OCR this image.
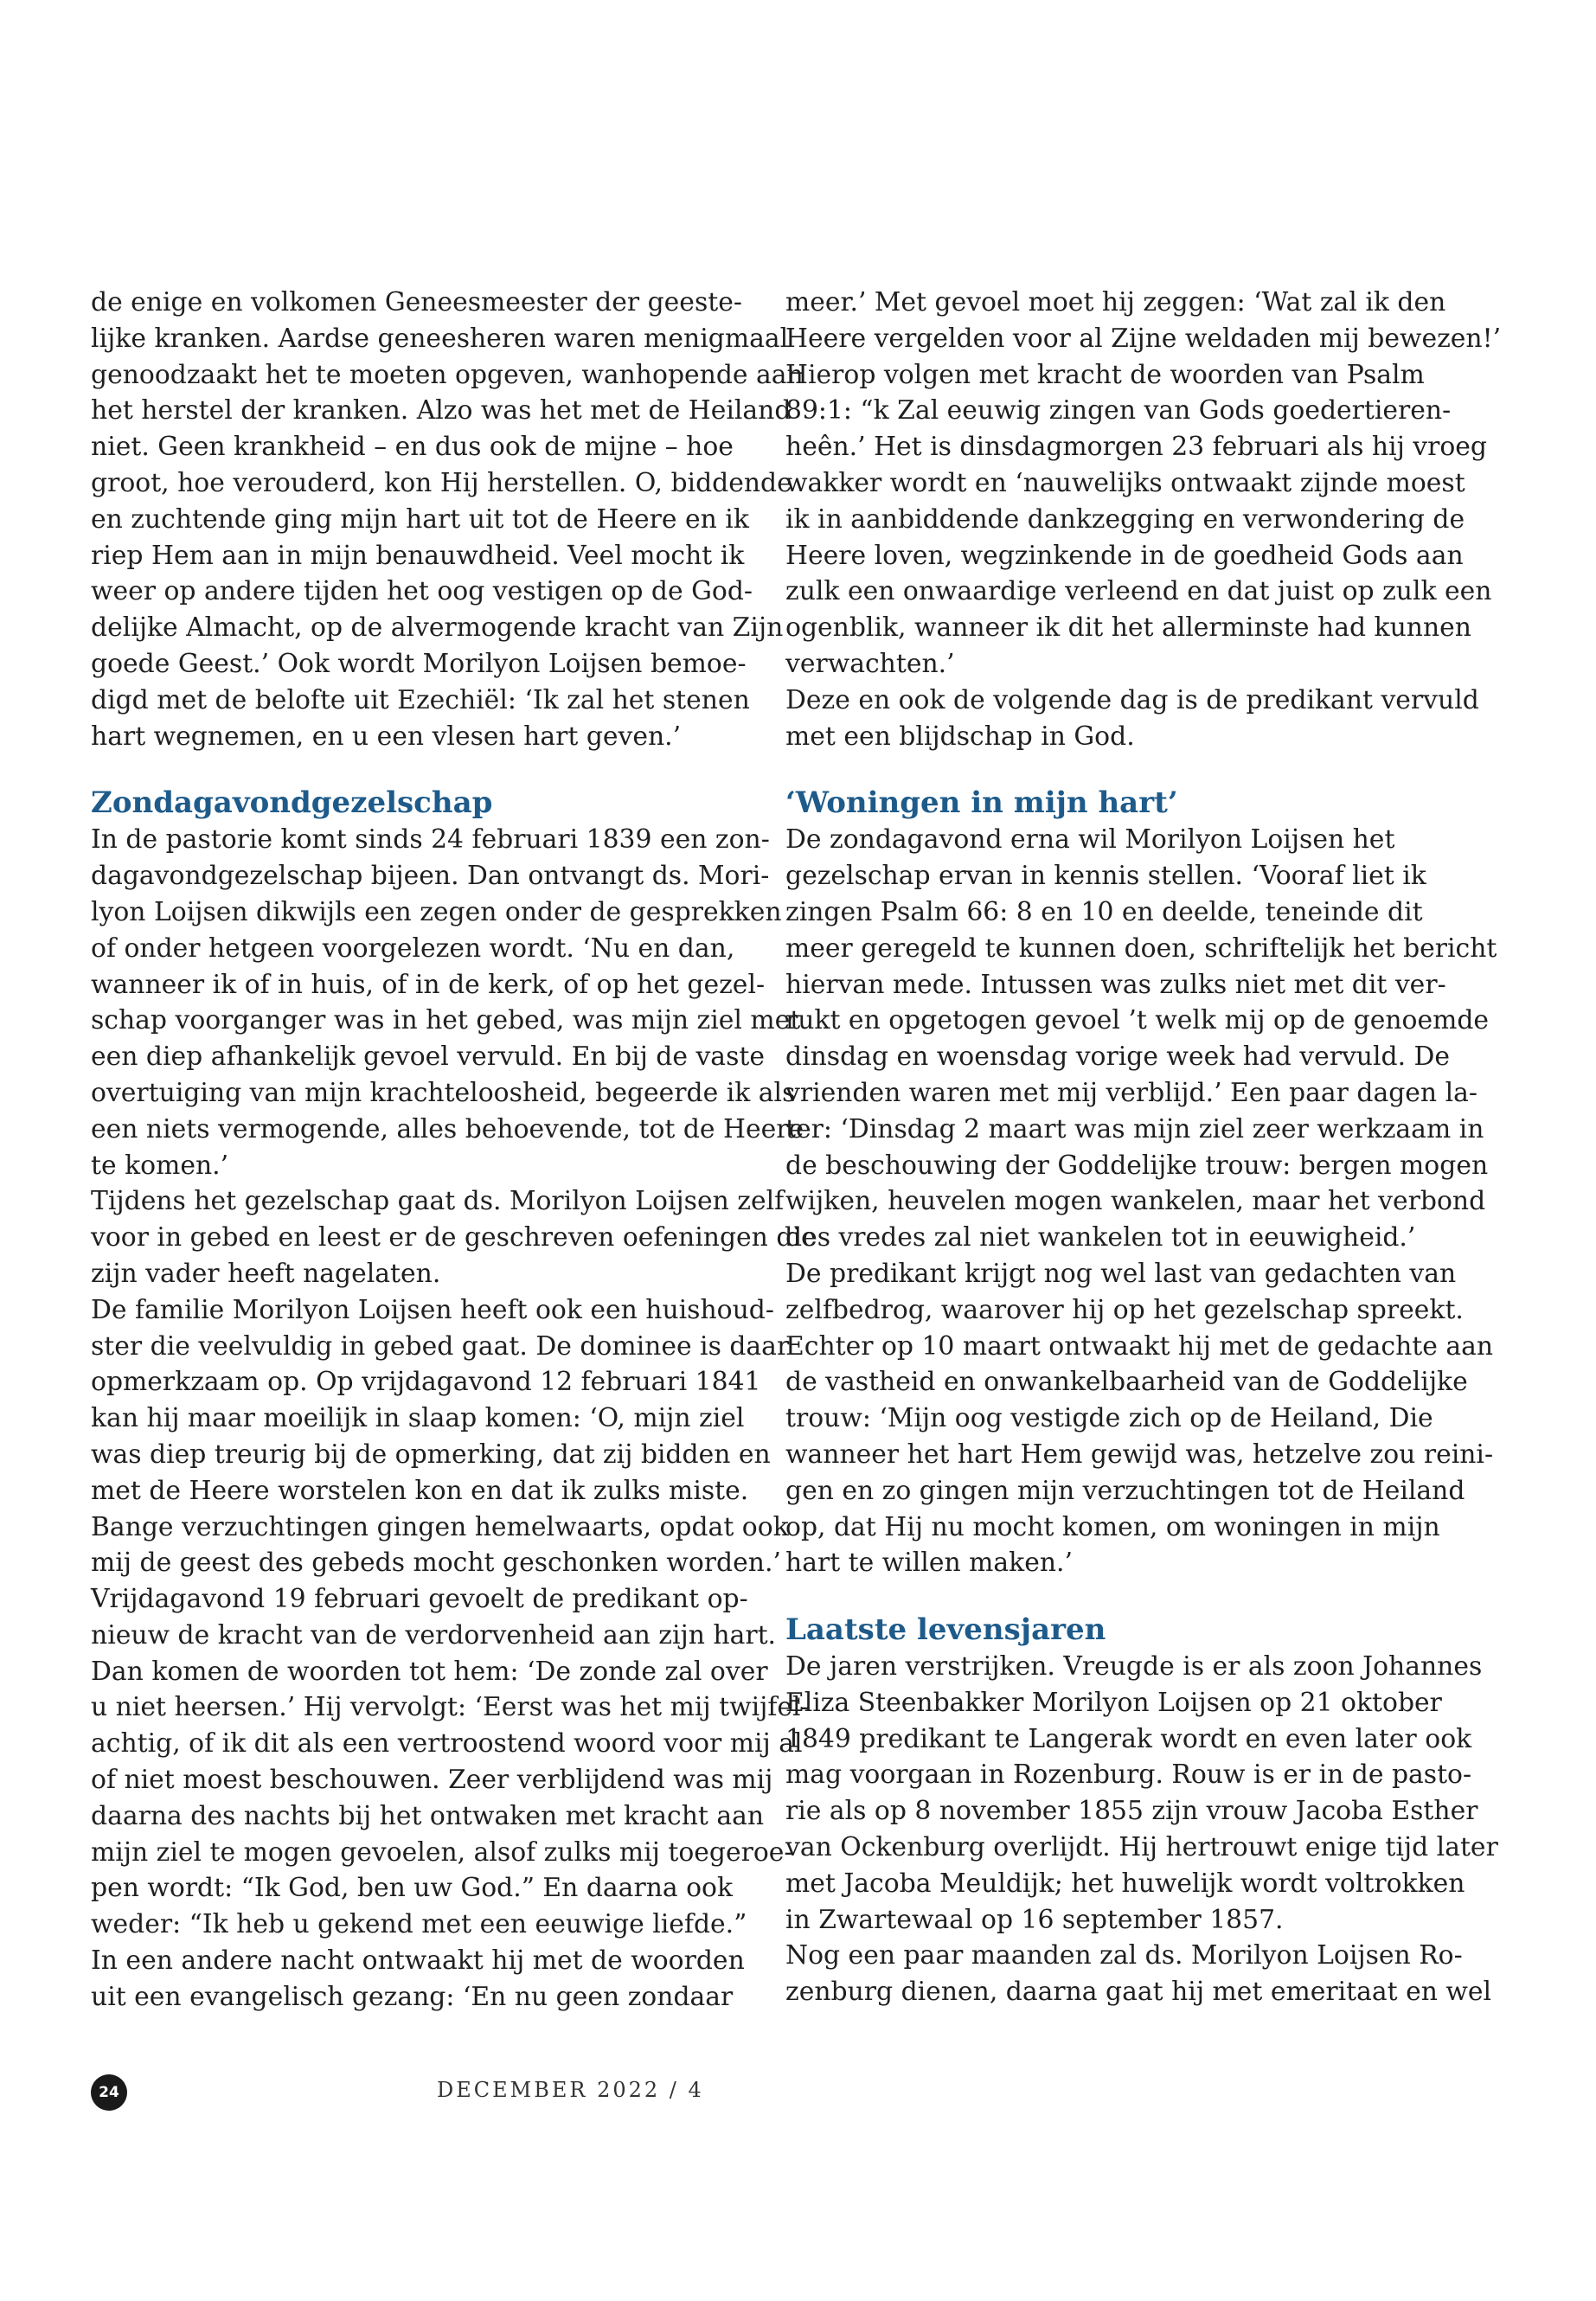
de enige en volkomen Geneesmeester der geeste-
lijke kranken. Aardse geneesheren waren menigmaal
genoodzaakt het te moeten opgeven, wanhopende aan
het herstel der kranken. Alzo was het met de Heiland
niet. Geen krankheid – en dus ook de mijne – hoe
groot, hoe verouderd, kon Hij herstellen. O, biddende
en zuchtende ging mijn hart uit tot de Heere en ik
riep Hem aan in mijn benauwdheid. Veel mocht ik
weer op andere tijden het oog vestigen op de God-
delijke Almacht, op de alvermogende kracht van Zijn
goede Geest.’ Ook wordt Morilyon Loijsen bemoe-
digd met de belofte uit Ezechiël: ‘Ik zal het stenen
hart wegnemen, en u een vlesen hart geven.’
Zondagavondgezelschap
In de pastorie komt sinds 24 februari 1839 een zon-
dagavondgezelschap bijeen. Dan ontvangt ds. Mori-
lyon Loijsen dikwijls een zegen onder de gesprekken
of onder hetgeen voorgelezen wordt. ‘Nu en dan,
wanneer ik of in huis, of in de kerk, of op het gezel-
schap voorganger was in het gebed, was mijn ziel met
een diep afhankelijk gevoel vervuld. En bij de vaste
overtuiging van mijn krachteloosheid, begeerde ik als
een niets vermogende, alles behoevende, tot de Heere
te komen.’
Tijdens het gezelschap gaat ds. Morilyon Loijsen zelf
voor in gebed en leest er de geschreven oefeningen die
zijn vader heeft nagelaten.
De familie Morilyon Loijsen heeft ook een huishoud-
ster die veelvuldig in gebed gaat. De dominee is daar
opmerkzaam op. Op vrijdagavond 12 februari 1841
kan hij maar moeilijk in slaap komen: ‘O, mijn ziel
was diep treurig bij de opmerking, dat zij bidden en
met de Heere worstelen kon en dat ik zulks miste.
Bange verzuchtingen gingen hemelwaarts, opdat ook
mij de geest des gebeds mocht geschonken worden.’
Vrijdagavond 19 februari gevoelt de predikant op-
nieuw de kracht van de verdorvenheid aan zijn hart.
Dan komen de woorden tot hem: ‘De zonde zal over
u niet heersen.’ Hij vervolgt: ‘Eerst was het mij twijfel-
achtig, of ik dit als een vertroostend woord voor mij al
of niet moest beschouwen. Zeer verblijdend was mij
daarna des nachts bij het ontwaken met kracht aan
mijn ziel te mogen gevoelen, alsof zulks mij toegeroe-
pen wordt: “Ik God, ben uw God.” En daarna ook
weder: “Ik heb u gekend met een eeuwige liefde.”
In een andere nacht ontwaakt hij met de woorden
uit een evangelisch gezang: ‘En nu geen zondaar
meer.’ Met gevoel moet hij zeggen: ‘Wat zal ik den
Heere vergelden voor al Zijne weldaden mij bewezen!’
Hierop volgen met kracht de woorden van Psalm
89:1: “k Zal eeuwig zingen van Gods goedertieren-
heên.’ Het is dinsdagmorgen 23 februari als hij vroeg
wakker wordt en ‘nauwelijks ontwaakt zijnde moest
ik in aanbiddende dankzegging en verwondering de
Heere loven, wegzinkende in de goedheid Gods aan
zulk een onwaardige verleend en dat juist op zulk een
ogenblik, wanneer ik dit het allerminste had kunnen
verwachten.’
Deze en ook de volgende dag is de predikant vervuld
met een blijdschap in God.
‘Woningen in mijn hart’
De zondagavond erna wil Morilyon Loijsen het
gezelschap ervan in kennis stellen. ‘Vooraf liet ik
zingen Psalm 66: 8 en 10 en deelde, teneinde dit
meer geregeld te kunnen doen, schriftelijk het bericht
hiervan mede. Intussen was zulks niet met dit ver-
rukt en opgetogen gevoel ’t welk mij op de genoemde
dinsdag en woensdag vorige week had vervuld. De
vrienden waren met mij verblijd.’ Een paar dagen la-
ter: ‘Dinsdag 2 maart was mijn ziel zeer werkzaam in
de beschouwing der Goddelijke trouw: bergen mogen
wijken, heuvelen mogen wankelen, maar het verbond
des vredes zal niet wankelen tot in eeuwigheid.’
De predikant krijgt nog wel last van gedachten van
zelfbedrog, waarover hij op het gezelschap spreekt.
Echter op 10 maart ontwaakt hij met de gedachte aan
de vastheid en onwankelbaarheid van de Goddelijke
trouw: ‘Mijn oog vestigde zich op de Heiland, Die
wanneer het hart Hem gewijd was, hetzelve zou reini-
gen en zo gingen mijn verzuchtingen tot de Heiland
op, dat Hij nu mocht komen, om woningen in mijn
hart te willen maken.’
Laatste levensjaren
De jaren verstrijken. Vreugde is er als zoon Johannes
Eliza Steenbakker Morilyon Loijsen op 21 oktober
1849 predikant te Langerak wordt en even later ook
mag voorgaan in Rozenburg. Rouw is er in de pasto-
rie als op 8 november 1855 zijn vrouw Jacoba Esther
van Ockenburg overlijdt. Hij hertrouwt enige tijd later
met Jacoba Meuldijk; het huwelijk wordt voltrokken
in Zwartewaal op 16 september 1857.
Nog een paar maanden zal ds. Morilyon Loijsen Ro-
zenburg dienen, daarna gaat hij met emeritaat en wel
24	DECEMBER 2022 / 4
